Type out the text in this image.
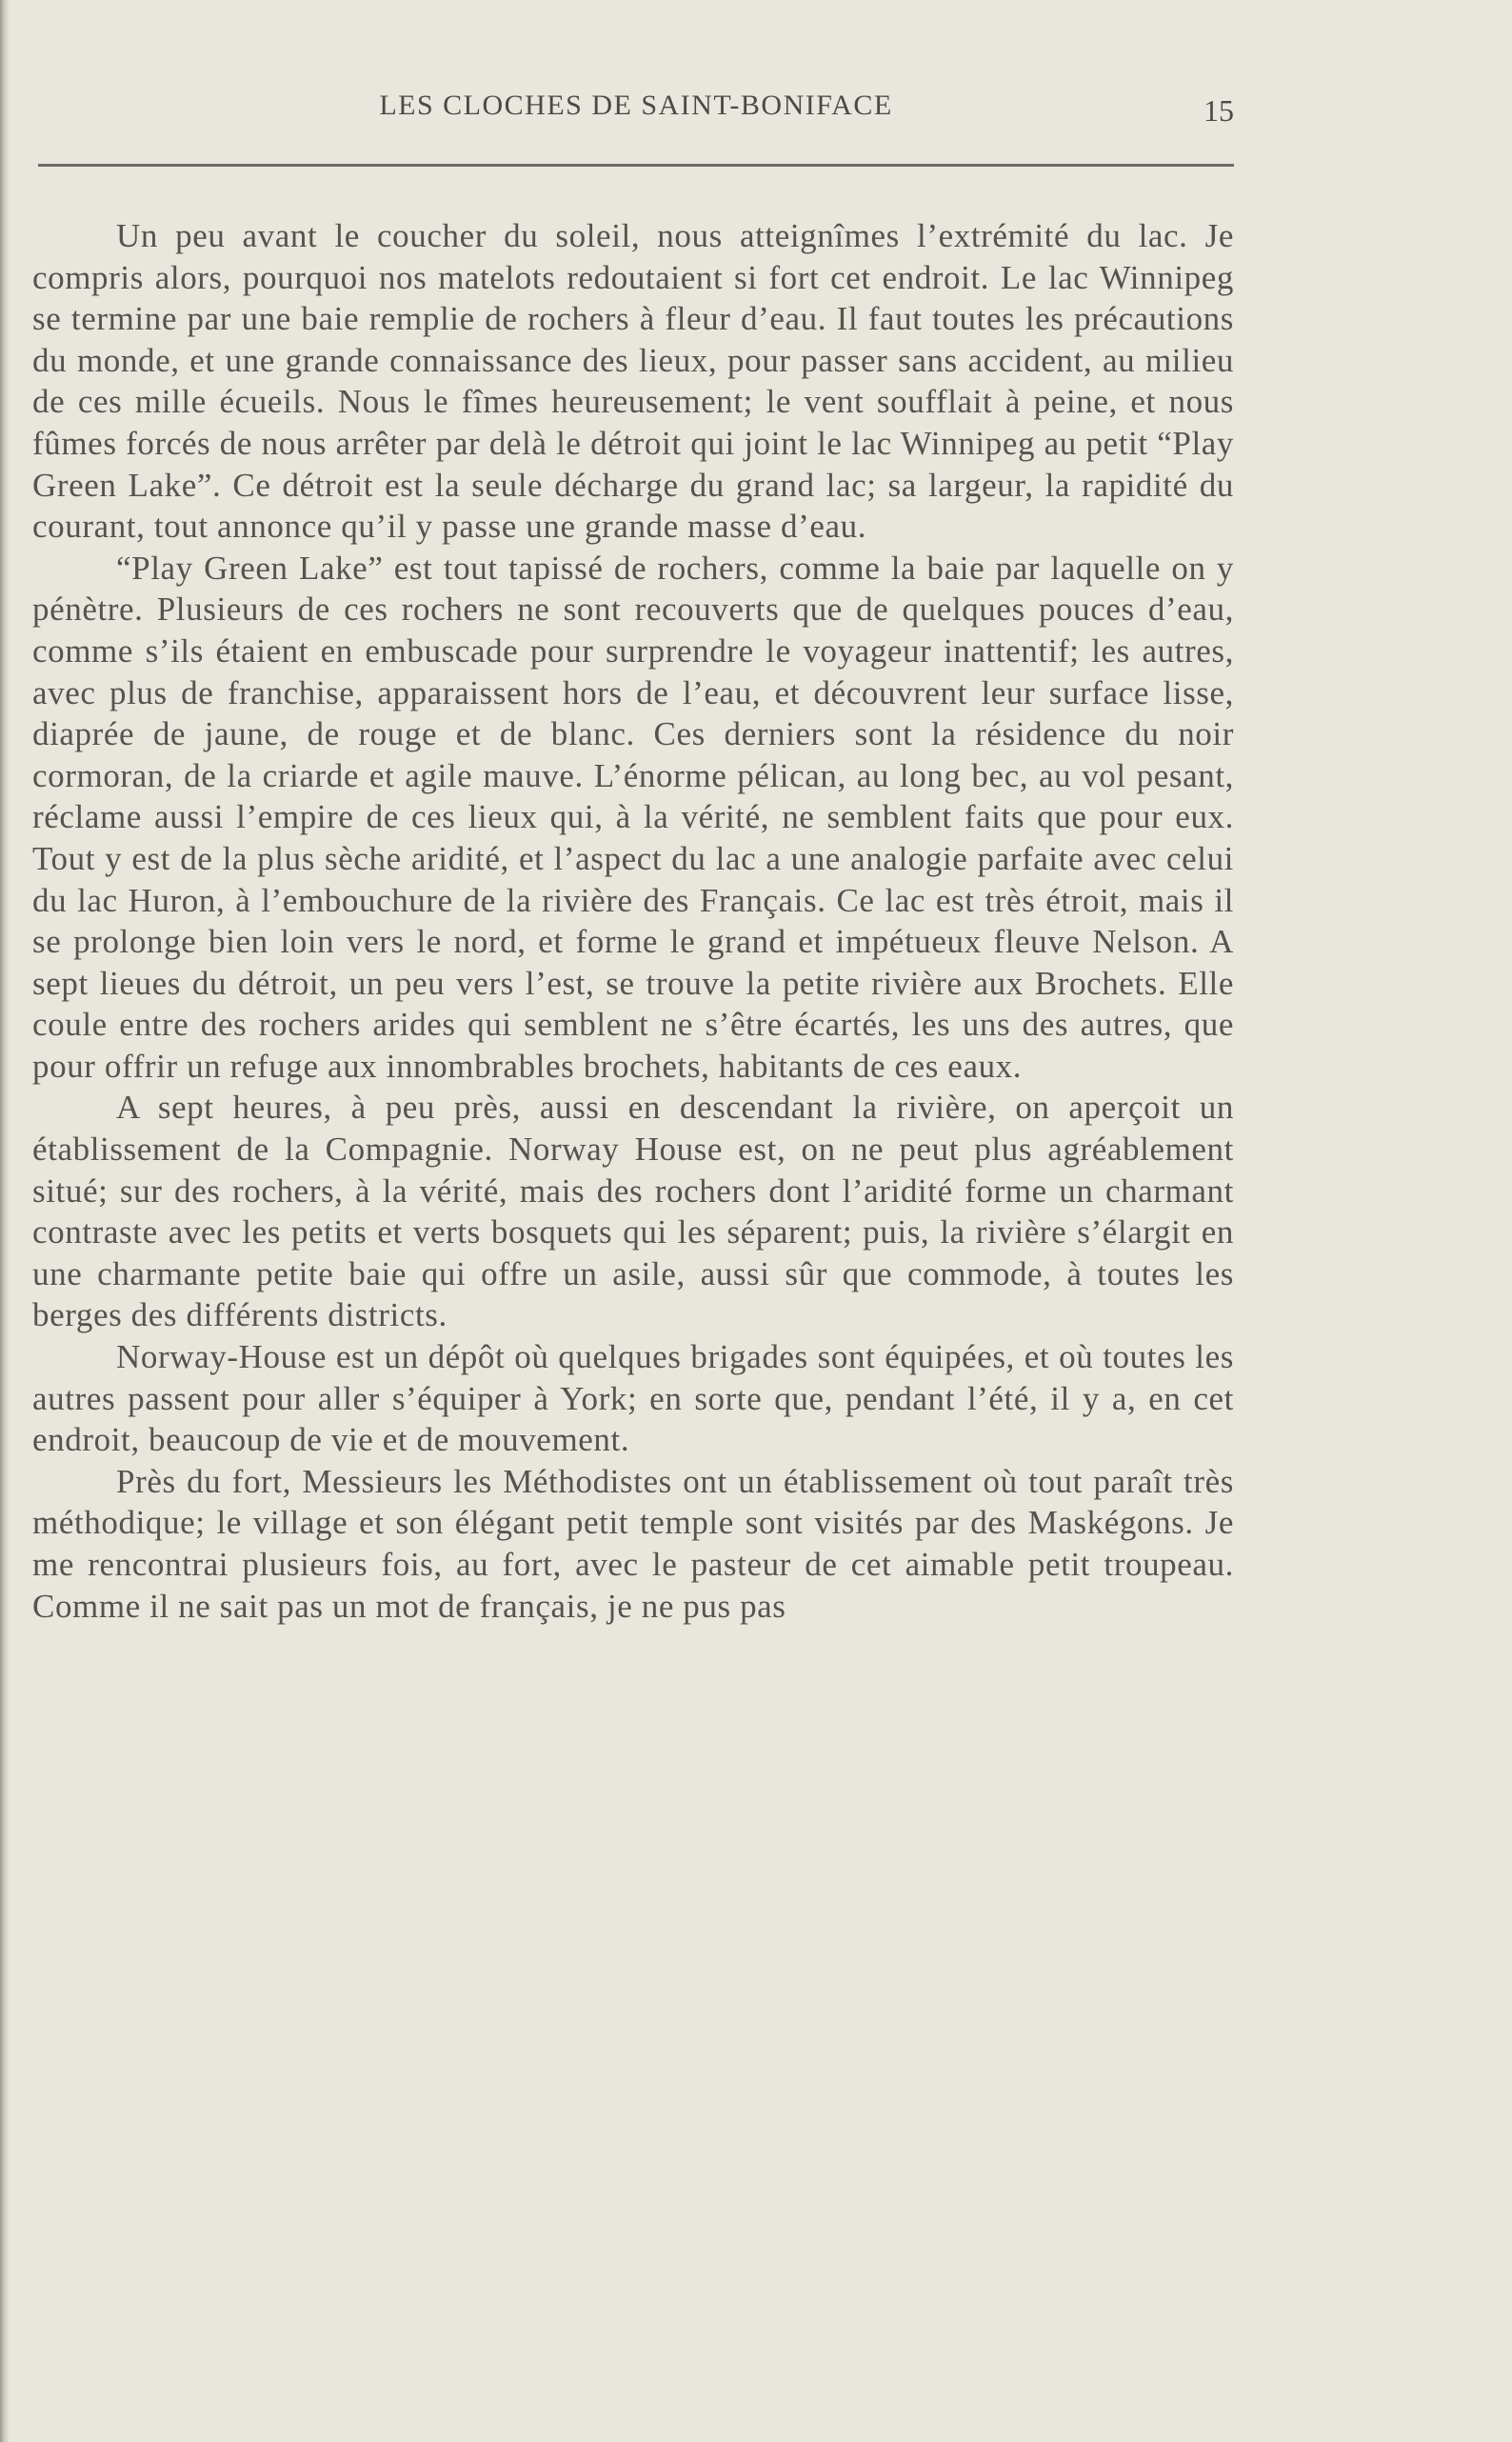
LES CLOCHES DE SAINT-BONIFACE	15

Un peu avant le coucher du soleil, nous atteignîmes l’extrémité du lac. Je compris alors, pourquoi nos matelots redoutaient si fort cet endroit. Le lac Winnipeg se termine par une baie remplie de rochers à fleur d’eau. Il faut toutes les précautions du monde, et une grande connaissance des lieux, pour passer sans accident, au milieu de ces mille écueils. Nous le fîmes heureusement; le vent soufflait à peine, et nous fûmes forcés de nous arrêter par delà le détroit qui joint le lac Winnipeg au petit “Play Green Lake”. Ce détroit est la seule décharge du grand lac; sa largeur, la rapidité du courant, tout annonce qu’il y passe une grande masse d’eau.

“Play Green Lake” est tout tapissé de rochers, comme la baie par laquelle on y pénètre. Plusieurs de ces rochers ne sont recouverts que de quelques pouces d’eau, comme s’ils étaient en embuscade pour surprendre le voyageur inattentif; les autres, avec plus de franchise, apparaissent hors de l’eau, et découvrent leur surface lisse, diaprée de jaune, de rouge et de blanc. Ces derniers sont la résidence du noir cormoran, de la criarde et agile mauve. L’énorme pélican, au long bec, au vol pesant, réclame aussi l’empire de ces lieux qui, à la vérité, ne semblent faits que pour eux. Tout y est de la plus sèche aridité, et l’aspect du lac a une analogie parfaite avec celui du lac Huron, à l’embouchure de la rivière des Français. Ce lac est très étroit, mais il se prolonge bien loin vers le nord, et forme le grand et impétueux fleuve Nelson. A sept lieues du détroit, un peu vers l’est, se trouve la petite rivière aux Brochets. Elle coule entre des rochers arides qui semblent ne s’être écartés, les uns des autres, que pour offrir un refuge aux innombrables brochets, habitants de ces eaux.

A sept heures, à peu près, aussi en descendant la rivière, on aperçoit un établissement de la Compagnie. Norway House est, on ne peut plus agréablement situé; sur des rochers, à la vérité, mais des rochers dont l’aridité forme un charmant contraste avec les petits et verts bosquets qui les séparent; puis, la rivière s’élargit en une charmante petite baie qui offre un asile, aussi sûr que commode, à toutes les berges des différents districts.

Norway-House est un dépôt où quelques brigades sont équipées, et où toutes les autres passent pour aller s’équiper à York; en sorte que, pendant l’été, il y a, en cet endroit, beaucoup de vie et de mouvement.

Près du fort, Messieurs les Méthodistes ont un établissement où tout paraît très méthodique; le village et son élégant petit temple sont visités par des Maskégons. Je me rencontrai plusieurs fois, au fort, avec le pasteur de cet aimable petit troupeau. Comme il ne sait pas un mot de français, je ne pus pas
